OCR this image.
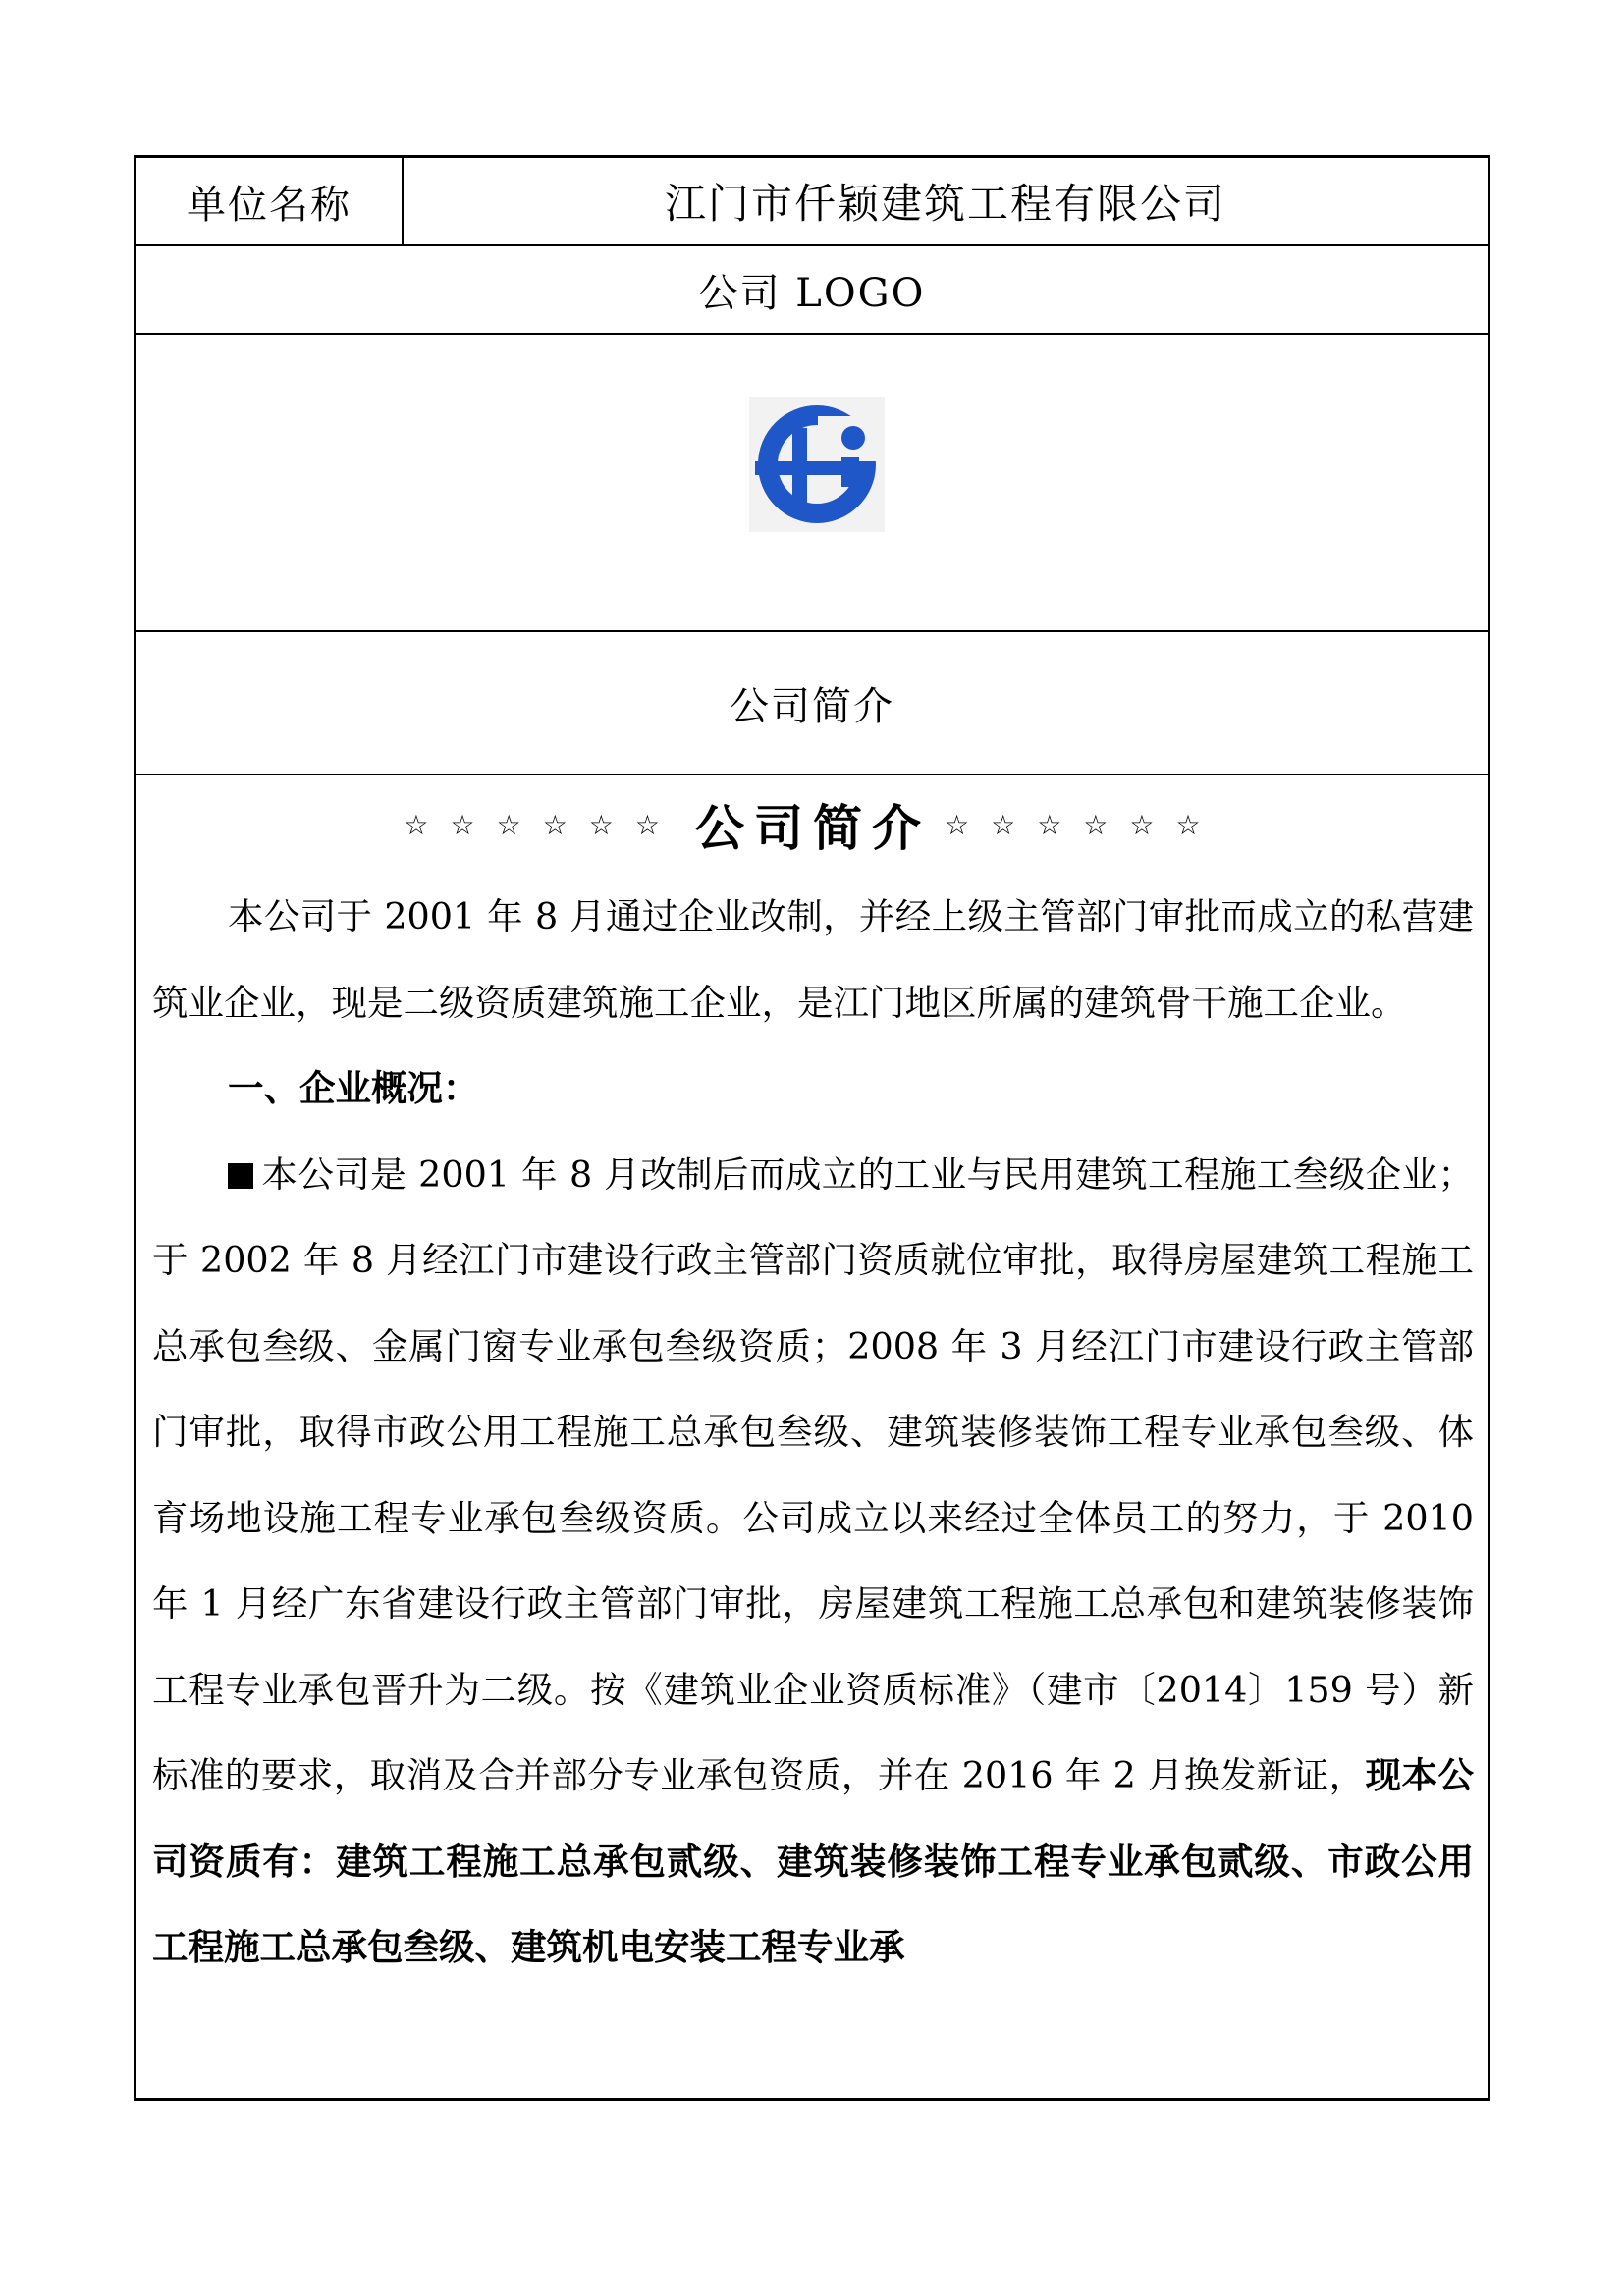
单位名称	江门市仟颖建筑工程有限公司
公司 LOGO
公司简介
☆☆☆☆☆☆ 公司简介 ☆☆☆☆☆☆

本公司于 2001 年 8 月通过企业改制，并经上级主管部门审批而成立的私营建筑业企业，现是二级资质建筑施工企业，是江门地区所属的建筑骨干施工企业。

一、企业概况：

本公司是 2001 年 8 月改制后而成立的工业与民用建筑工程施工叁级企业；于 2002 年 8 月经江门市建设行政主管部门资质就位审批，取得房屋建筑工程施工总承包叁级、金属门窗专业承包叁级资质；2008 年 3 月经江门市建设行政主管部门审批，取得市政公用工程施工总承包叁级、建筑装修装饰工程专业承包叁级、体育场地设施工程专业承包叁级资质。公司成立以来经过全体员工的努力，于 2010 年 1 月经广东省建设行政主管部门审批，房屋建筑工程施工总承包和建筑装修装饰工程专业承包晋升为二级。按《建筑业企业资质标准》（建市〔2014〕159 号）新标准的要求，取消及合并部分专业承包资质，并在 2016 年 2 月换发新证，现本公司资质有：建筑工程施工总承包贰级、建筑装修装饰工程专业承包贰级、市政公用工程施工总承包叁级、建筑机电安装工程专业承
